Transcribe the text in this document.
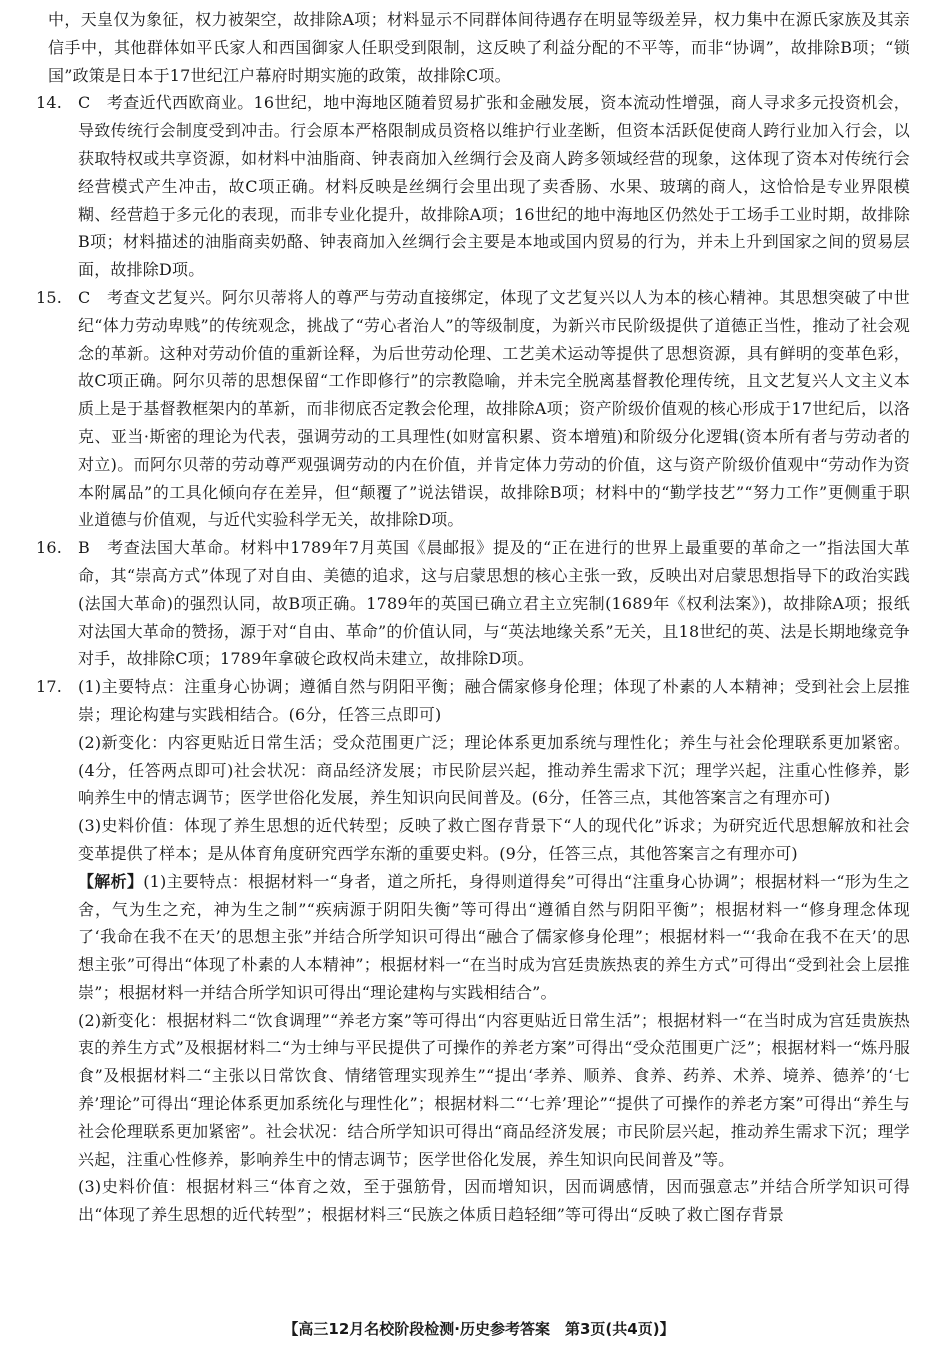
中，天皇仅为象征，权力被架空，故排除A项；材料显示不同群体间待遇存在明显等级差异，权力集中在源氏家族及其亲信手中，其他群体如平氏家人和西国御家人任职受到限制，这反映了利益分配的不平等，而非“协调”，故排除B项；“锁国”政策是日本于17世纪江户幕府时期实施的政策，故排除C项。
14. C　考查近代西欧商业。16世纪，地中海地区随着贸易扩张和金融发展，资本流动性增强，商人寻求多元投资机会，导致传统行会制度受到冲击。行会原本严格限制成员资格以维护行业垄断，但资本活跃促使商人跨行业加入行会，以获取特权或共享资源，如材料中油脂商、钟表商加入丝绸行会及商人跨多领域经营的现象，这体现了资本对传统行会经营模式产生冲击，故C项正确。材料反映是丝绸行会里出现了卖香肠、水果、玻璃的商人，这恰恰是专业界限模糊、经营趋于多元化的表现，而非专业化提升，故排除A项；16世纪的地中海地区仍然处于工场手工业时期，故排除B项；材料描述的油脂商卖奶酪、钟表商加入丝绸行会主要是本地或国内贸易的行为，并未上升到国家之间的贸易层面，故排除D项。
15. C　考查文艺复兴。阿尔贝蒂将人的尊严与劳动直接绑定，体现了文艺复兴以人为本的核心精神。其思想突破了中世纪“体力劳动卑贱”的传统观念，挑战了“劳心者治人”的等级制度，为新兴市民阶级提供了道德正当性，推动了社会观念的革新。这种对劳动价值的重新诠释，为后世劳动伦理、工艺美术运动等提供了思想资源，具有鲜明的变革色彩，故C项正确。阿尔贝蒂的思想保留“工作即修行”的宗教隐喻，并未完全脱离基督教伦理传统，且文艺复兴人文主义本质上是于基督教框架内的革新，而非彻底否定教会伦理，故排除A项；资产阶级价值观的核心形成于17世纪后，以洛克、亚当·斯密的理论为代表，强调劳动的工具理性(如财富积累、资本增殖)和阶级分化逻辑(资本所有者与劳动者的对立)。而阿尔贝蒂的劳动尊严观强调劳动的内在价值，并肯定体力劳动的价值，这与资产阶级价值观中“劳动作为资本附属品”的工具化倾向存在差异，但“颠覆了”说法错误，故排除B项；材料中的“勤学技艺”“努力工作”更侧重于职业道德与价值观，与近代实验科学无关，故排除D项。
16. B　考查法国大革命。材料中1789年7月英国《晨邮报》提及的“正在进行的世界上最重要的革命之一”指法国大革命，其“崇高方式”体现了对自由、美德的追求，这与启蒙思想的核心主张一致，反映出对启蒙思想指导下的政治实践(法国大革命)的强烈认同，故B项正确。1789年的英国已确立君主立宪制(1689年《权利法案》)，故排除A项；报纸对法国大革命的赞扬，源于对“自由、革命”的价值认同，与“英法地缘关系”无关，且18世纪的英、法是长期地缘竞争对手，故排除C项；1789年拿破仑政权尚未建立，故排除D项。
17. (1)主要特点：注重身心协调；遵循自然与阴阳平衡；融合儒家修身伦理；体现了朴素的人本精神；受到社会上层推崇；理论构建与实践相结合。(6分，任答三点即可)
(2)新变化：内容更贴近日常生活；受众范围更广泛；理论体系更加系统与理性化；养生与社会伦理联系更加紧密。(4分，任答两点即可)社会状况：商品经济发展；市民阶层兴起，推动养生需求下沉；理学兴起，注重心性修养，影响养生中的情志调节；医学世俗化发展，养生知识向民间普及。(6分，任答三点，其他答案言之有理亦可)
(3)史料价值：体现了养生思想的近代转型；反映了救亡图存背景下“人的现代化”诉求；为研究近代思想解放和社会变革提供了样本；是从体育角度研究西学东渐的重要史料。(9分，任答三点，其他答案言之有理亦可)
【解析】(1)主要特点：根据材料一“身者，道之所托，身得则道得矣”可得出“注重身心协调”；根据材料一“形为生之舍，气为生之充，神为生之制”“疾病源于阴阳失衡”等可得出“遵循自然与阴阳平衡”；根据材料一“修身理念体现了‘我命在我不在天’的思想主张”并结合所学知识可得出“融合了儒家修身伦理”；根据材料一“‘我命在我不在天’的思想主张”可得出“体现了朴素的人本精神”；根据材料一“在当时成为宫廷贵族热衷的养生方式”可得出“受到社会上层推崇”；根据材料一并结合所学知识可得出“理论建构与实践相结合”。
(2)新变化：根据材料二“饮食调理”“养老方案”等可得出“内容更贴近日常生活”；根据材料一“在当时成为宫廷贵族热衷的养生方式”及根据材料二“为士绅与平民提供了可操作的养老方案”可得出“受众范围更广泛”；根据材料一“炼丹服食”及根据材料二“主张以日常饮食、情绪管理实现养生”“提出‘孝养、顺养、食养、药养、术养、境养、德养’的‘七养’理论”可得出“理论体系更加系统化与理性化”；根据材料二“‘七养’理论”“提供了可操作的养老方案”可得出“养生与社会伦理联系更加紧密”。社会状况：结合所学知识可得出“商品经济发展；市民阶层兴起，推动养生需求下沉；理学兴起，注重心性修养，影响养生中的情志调节；医学世俗化发展，养生知识向民间普及”等。
(3)史料价值：根据材料三“体育之效，至于强筋骨，因而增知识，因而调感情，因而强意志”并结合所学知识可得出“体现了养生思想的近代转型”；根据材料三“民族之体质日趋轻细”等可得出“反映了救亡图存背景
【高三12月名校阶段检测·历史参考答案　第3页(共4页)】
